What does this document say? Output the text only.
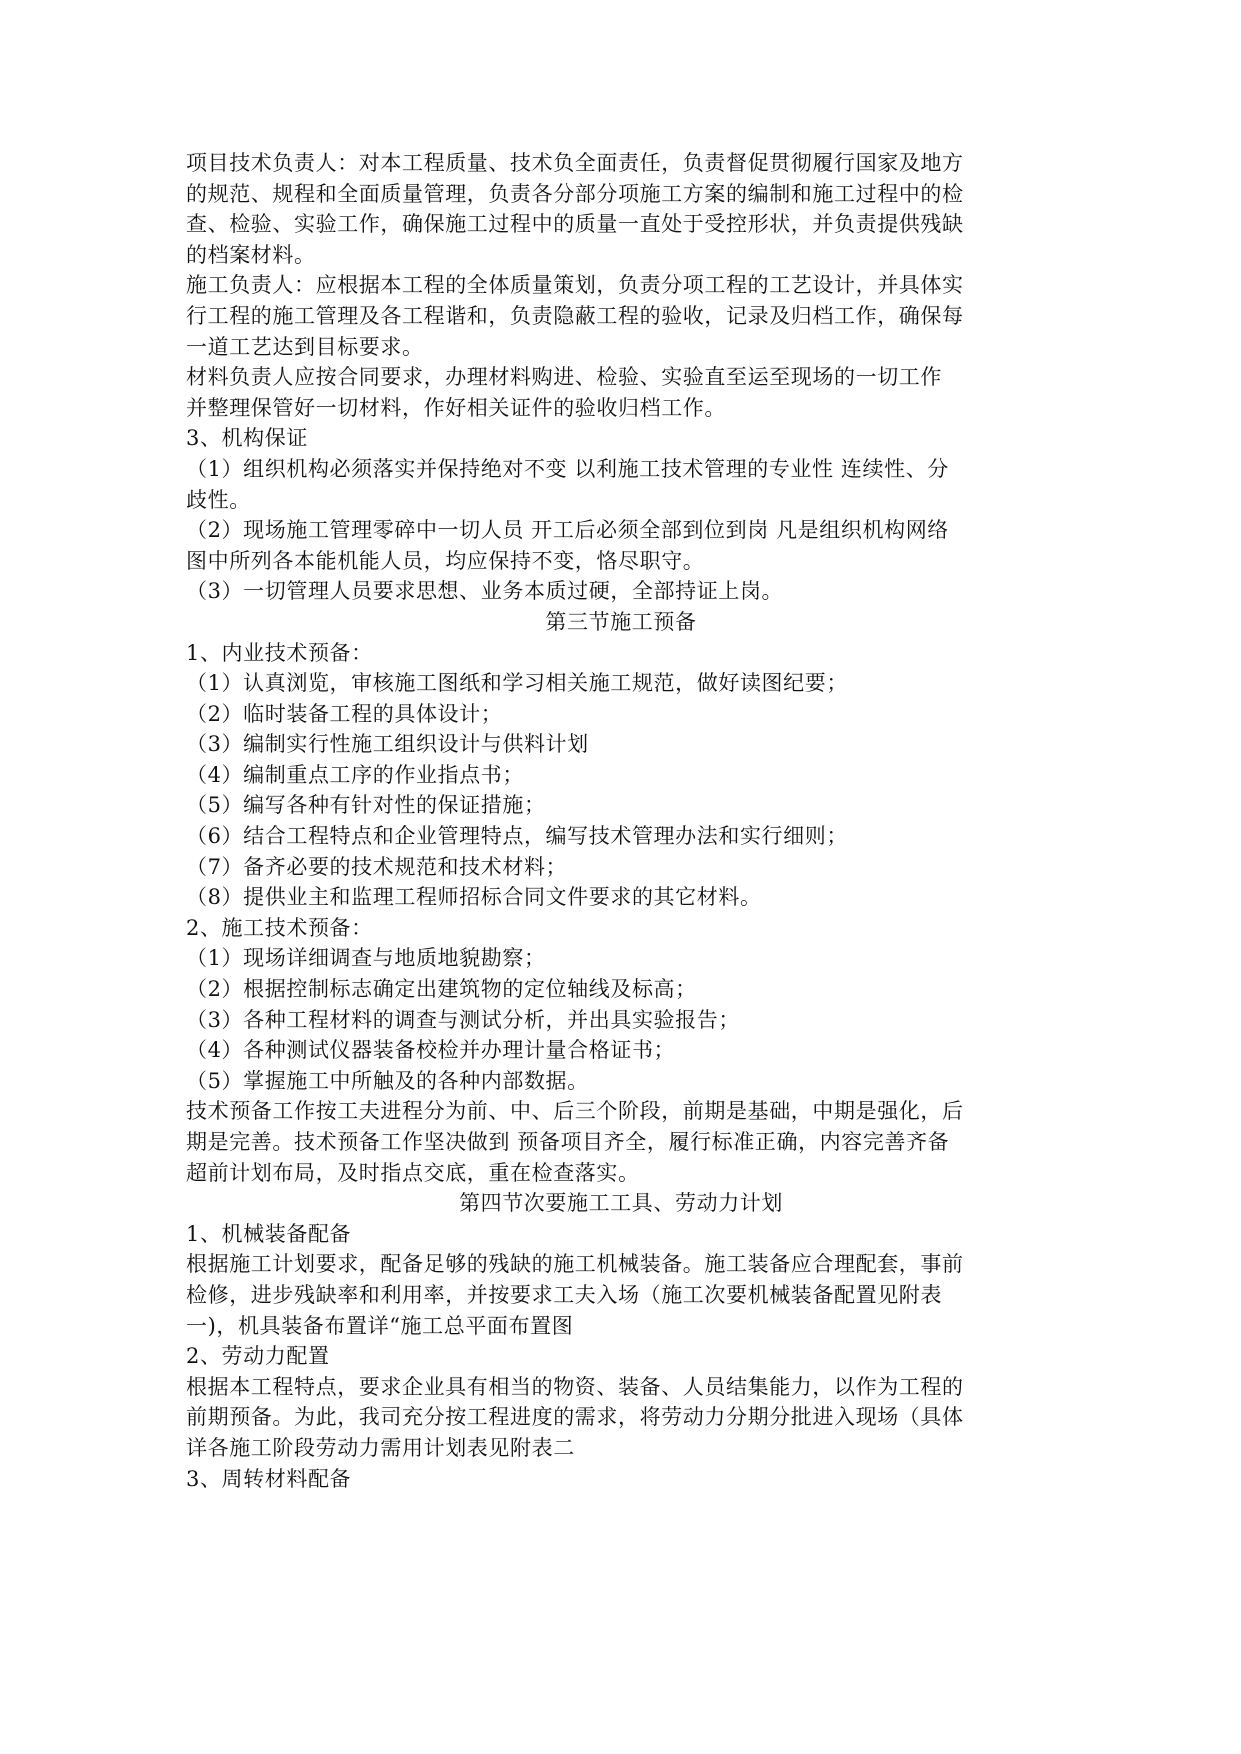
项目技术负责人：对本工程质量、技术负全面责任，负责督促贯彻履行国家及地方
的规范、规程和全面质量管理，负责各分部分项施工方案的编制和施工过程中的检
查、检验、实验工作，确保施工过程中的质量一直处于受控形状，并负责提供残缺
的档案材料。
施工负责人：应根据本工程的全体质量策划，负责分项工程的工艺设计，并具体实
行工程的施工管理及各工程谐和，负责隐蔽工程的验收，记录及归档工作，确保每
一道工艺达到目标要求。
材料负责人应按合同要求，办理材料购进、检验、实验直至运至现场的一切工作
并整理保管好一切材料，作好相关证件的验收归档工作。
3、机构保证
（1）组织机构必须落实并保持绝对不变 以利施工技术管理的专业性 连续性、分
歧性。
（2）现场施工管理零碎中一切人员 开工后必须全部到位到岗 凡是组织机构网络
图中所列各本能机能人员，均应保持不变，恪尽职守。
（3）一切管理人员要求思想、业务本质过硬，全部持证上岗。
第三节施工预备
1、内业技术预备：
（1）认真浏览，审核施工图纸和学习相关施工规范，做好读图纪要；
（2）临时装备工程的具体设计；
（3）编制实行性施工组织设计与供料计划
（4）编制重点工序的作业指点书；
（5）编写各种有针对性的保证措施；
（6）结合工程特点和企业管理特点，编写技术管理办法和实行细则；
（7）备齐必要的技术规范和技术材料；
（8）提供业主和监理工程师招标合同文件要求的其它材料。
2、施工技术预备：
（1）现场详细调查与地质地貌勘察；
（2）根据控制标志确定出建筑物的定位轴线及标高；
（3）各种工程材料的调查与测试分析，并出具实验报告；
（4）各种测试仪器装备校检并办理计量合格证书；
（5）掌握施工中所触及的各种内部数据。
技术预备工作按工夫进程分为前、中、后三个阶段，前期是基础，中期是强化，后
期是完善。技术预备工作坚决做到 预备项目齐全，履行标准正确，内容完善齐备
超前计划布局，及时指点交底，重在检查落实。
第四节次要施工工具、劳动力计划
1、机械装备配备
根据施工计划要求，配备足够的残缺的施工机械装备。施工装备应合理配套，事前
检修，进步残缺率和利用率，并按要求工夫入场（施工次要机械装备配置见附表
一)，机具装备布置详“施工总平面布置图
2、劳动力配置
根据本工程特点，要求企业具有相当的物资、装备、人员结集能力，以作为工程的
前期预备。为此，我司充分按工程进度的需求，将劳动力分期分批进入现场（具体
详各施工阶段劳动力需用计划表见附表二
3、周转材料配备
